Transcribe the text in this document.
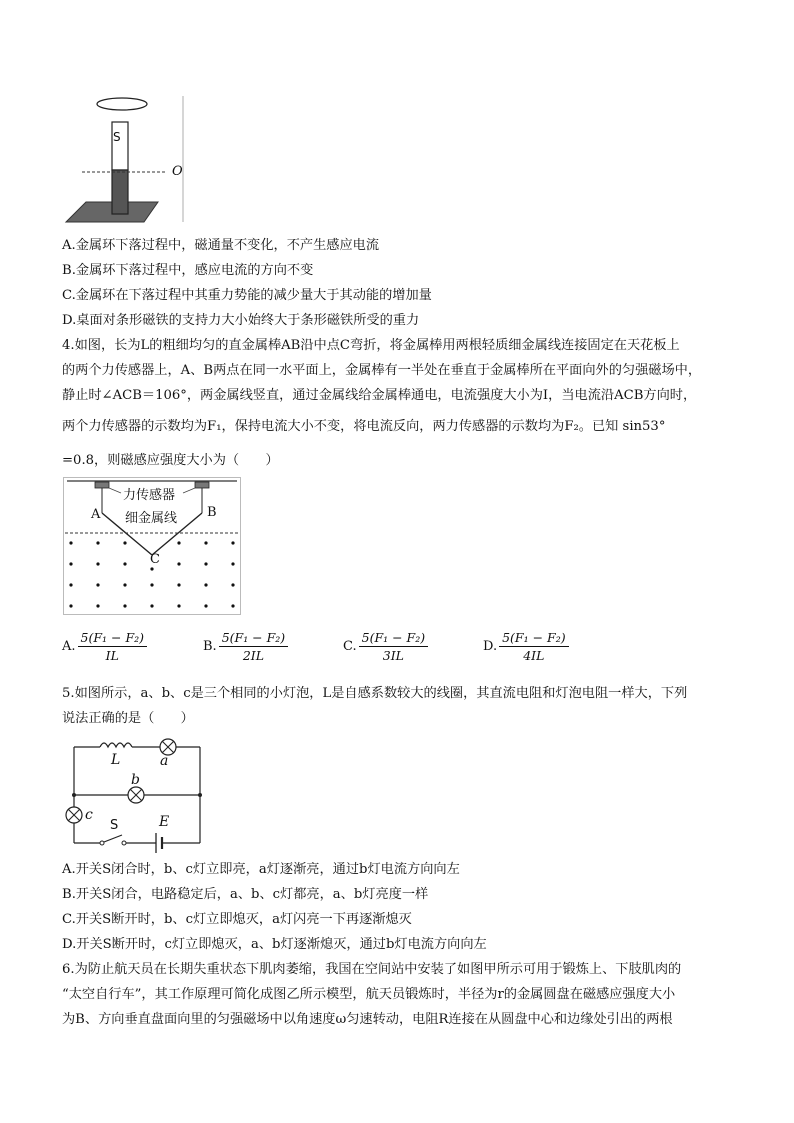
S
O
A.金属环下落过程中，磁通量不变化，不产生感应电流
B.金属环下落过程中，感应电流的方向不变
C.金属环在下落过程中其重力势能的减少量大于其动能的增加量
D.桌面对条形磁铁的支持力大小始终大于条形磁铁所受的重力
4.如图，长为L的粗细均匀的直金属棒AB沿中点C弯折，将金属棒用两根轻质细金属线连接固定在天花板上
的两个力传感器上，A、B两点在同一水平面上，金属棒有一半处在垂直于金属棒所在平面向外的匀强磁场中，
静止时∠ACB＝106°，两金属线竖直，通过金属线给金属棒通电，电流强度大小为I，当电流沿ACB方向时，
两个力传感器的示数均为F₁，保持电流大小不变，将电流反向，两力传感器的示数均为F₂。已知 sin53°
=0.8，则磁感应强度大小为（　　）
力传感器
细金属线
A	B
C
A. $\frac{\text{5(F₁ − F₂)}}{IL}$	B. $\frac{\text{5(F₁ − F₂)}}{2IL}$	C. $\frac{\text{5(F₁ − F₂)}}{3IL}$	D. $\frac{\text{5(F₁ − F₂)}}{4IL}$
5.如图所示，a、b、c是三个相同的小灯泡，L是自感系数较大的线圈，其直流电阻和灯泡电阻一样大，下列
说法正确的是（　　）
L	a
b
c
S	E
A.开关S闭合时，b、c灯立即亮，a灯逐渐亮，通过b灯电流方向向左
B.开关S闭合，电路稳定后，a、b、c灯都亮，a、b灯亮度一样
C.开关S断开时，b、c灯立即熄灭，a灯闪亮一下再逐渐熄灭
D.开关S断开时，c灯立即熄灭，a、b灯逐渐熄灭，通过b灯电流方向向左
6.为防止航天员在长期失重状态下肌肉萎缩，我国在空间站中安装了如图甲所示可用于锻炼上、下肢肌肉的
“太空自行车”，其工作原理可简化成图乙所示模型，航天员锻炼时，半径为r的金属圆盘在磁感应强度大小
为B、方向垂直盘面向里的匀强磁场中以角速度ω匀速转动，电阻R连接在从圆盘中心和边缘处引出的两根
